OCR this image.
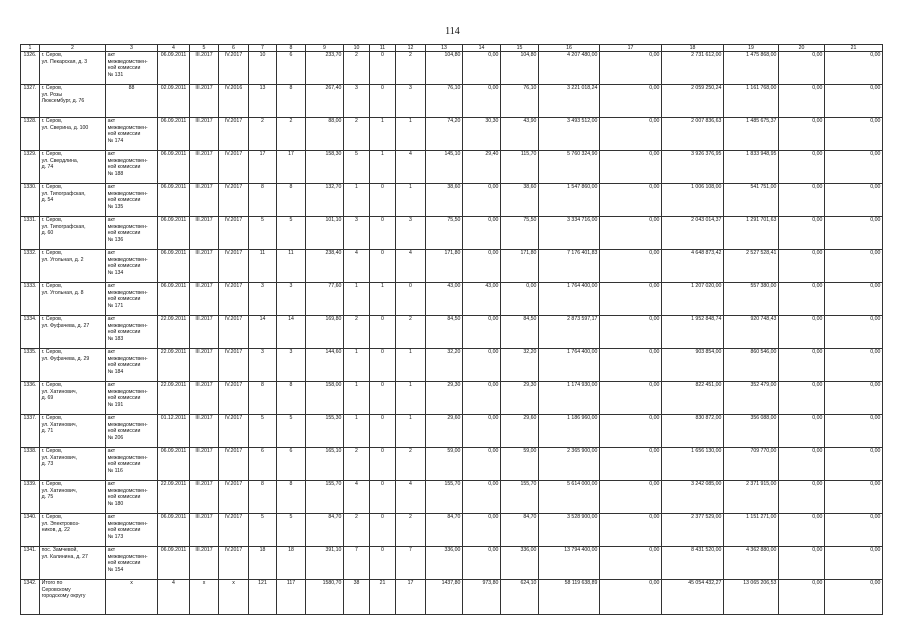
114
1	2	3	4	5	6	7	8	9	10	11	12	13	14	15	16	17	18	19	20	21
1326.	г. Серов,
ул. Пекарская, д. 3	акт
межведомствен-
ной комиссии
№ 131	06.09.2011	III.2017	IV.2017	10	6	233,70	2	0	2	104,80	0,00	104,80	4 207 480,00	0,00	2 731 612,00	1 475 868,00	0,00	0,00
1327.	г. Серов,
ул. Розы
Люксембург, д. 76	88	02.09.2011	III.2017	IV.2016	13	8	267,40	3	0	3	76,10	0,00	76,10	3 221 018,24	0,00	2 059 250,24	1 161 768,00	0,00	0,00
1328.	г. Серов,
ул. Сверина, д. 100	акт
межведомствен-
ной комиссии
№ 174	06.09.2011	III.2017	IV.2017	2	2	88,00	2	1	1	74,20	30,30	43,90	3 493 512,00	0,00	2 007 836,63	1 485 675,37	0,00	0,00
1329.	г. Серов,
ул. Свердлина,
д. 74	акт
межведомствен-
ной комиссии
№ 188	06.09.2011	III.2017	IV.2017	17	17	158,30	5	1	4	145,10	29,40	115,70	5 760 324,90	0,00	3 926 376,95	1 833 948,95	0,00	0,00
1330.	г. Серов,
ул. Типографская,
д. 54	акт
межведомствен-
ной комиссии
№ 135	06.09.2011	III.2017	IV.2017	8	8	132,70	1	0	1	38,60	0,00	38,60	1 547 860,00	0,00	1 006 108,00	541 751,00	0,00	0,00
1331.	г. Серов,
ул. Типографская,
д. 60	акт
межведомствен-
ной комиссии
№ 136	06.09.2011	III.2017	IV.2017	5	5	101,10	3	0	3	75,50	0,00	75,50	3 334 716,00	0,00	2 043 014,37	1 291 701,63	0,00	0,00
1332.	г. Серов,
ул. Угольная, д. 2	акт
межведомствен-
ной комиссии
№ 134	06.09.2011	III.2017	IV.2017	11	11	238,40	4	0	4	171,80	0,00	171,80	7 176 401,83	0,00	4 648 873,42	2 527 528,41	0,00	0,00
1333.	г. Серов,
ул. Угольная, д. 8	акт
межведомствен-
ной комиссии
№ 171	06.09.2011	III.2017	IV.2017	3	3	77,60	1	1	0	43,00	43,00	0,00	1 764 400,00	0,00	1 207 020,00	557 380,00	0,00	0,00
1334.	г. Серов,
ул. Фуфачева, д. 27	акт
межведомствен-
ной комиссии
№ 183	22.09.2011	III.2017	IV.2017	14	14	169,80	2	0	2	84,50	0,00	84,50	2 873 597,17	0,00	1 952 848,74	920 748,43	0,00	0,00
1335.	г. Серов,
ул. Фуфачева, д. 29	акт
межведомствен-
ной комиссии
№ 184	22.09.2011	III.2017	IV.2017	3	3	144,60	1	0	1	32,20	0,00	32,20	1 764 400,00	0,00	903 854,00	860 546,00	0,00	0,00
1336.	г. Серов,
ул. Хатинович,
д. 69	акт
межведомствен-
ной комиссии
№ 191	22.09.2011	III.2017	IV.2017	8	8	158,00	1	0	1	29,30	0,00	29,30	1 174 930,00	0,00	822 451,00	352 479,00	0,00	0,00
1337.	г. Серов,
ул. Хатинович,
д. 71	акт
межведомствен-
ной комиссии
№ 206	01.12.2011	III.2017	IV.2017	5	5	155,30	1	0	1	29,60	0,00	29,60	1 186 960,00	0,00	830 872,00	356 088,00	0,00	0,00
1338.	г. Серов,
ул. Хатинович,
д. 73	акт
межведомствен-
ной комиссии
№ 116	06.09.2011	III.2017	IV.2017	6	6	165,10	2	0	2	59,00	0,00	59,00	2 365 900,00	0,00	1 656 130,00	709 770,00	0,00	0,00
1339.	г. Серов,
ул. Хатинович,
д. 75	акт
межведомствен-
ной комиссии
№ 180	22.09.2011	III.2017	IV.2017	8	8	155,70	4	0	4	155,70	0,00	155,70	5 614 000,00	0,00	3 242 085,00	2 371 915,00	0,00	0,00
1340.	г. Серов,
ул. Электровоз-
ников, д. 22	акт
межведомствен-
ной комиссии
№ 173	06.09.2011	III.2017	IV.2017	5	5	84,70	2	0	2	84,70	0,00	84,70	3 528 900,00	0,00	2 377 529,00	1 151 271,00	0,00	0,00
1341.	пос. Замчевой,
ул. Калинина, д. 27	акт
межведомствен-
ной комиссии
№ 154	06.09.2011	III.2017	IV.2017	18	18	391,10	7	0	7	336,00	0,00	336,00	13 794 400,00	0,00	8 431 520,00	4 362 880,00	0,00	0,00
1342.	Итого по
Серовскому
городскому округу	х	4	х	х	121	117	1580,70	38	21	17	1437,80	973,80	624,10	58 119 638,89	0,00	45 054 432,27	13 065 206,53	0,00	0,00
